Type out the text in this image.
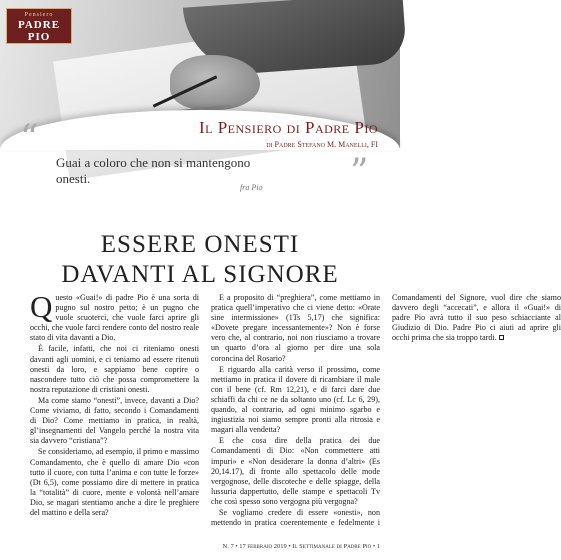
Pensiero
PADRE PIO
Il Pensiero di Padre Pio
di Padre Stefano M. Manelli, FI
“
Guai a coloro che non si mantengono onesti.
fra Pio ”
ESSERE ONESTI
DAVANTI AL SIGNORE

Questo «Guai!» di padre Pio è una sorta di pugno sul nostro petto; è un pugno che vuole scuoterci, che vuole farci aprire gli occhi, che vuole farci rendere conto del nostro reale stato di vita davanti a Dio.

È facile, infatti, che noi ci riteniamo onesti davanti agli uomini, e ci teniamo ad essere ritenuti onesti da loro, e sappiamo bene coprire o nascondere tutto ciò che possa compromettere la nostra reputazione di cristiani onesti.

Ma come siamo “onesti”, invece, davanti a Dio? Come viviamo, di fatto, secondo i Comandamenti di Dio? Come mettiamo in pratica, in realtà, gl’insegnamenti del Vangelo perché la nostra vita sia davvero “cristiana”?

Se consideriamo, ad esempio, il primo e massimo Comandamento, che è quello di amare Dio «con tutto il cuore, con tutta l’anima e con tutte le forze» (Dt 6,5), come possiamo dire di mettere in pratica la “totalità” di cuore, mente e volontà nell’amare Dio, se magari stentiamo anche a dire le preghiere del mattino e della sera?

E a proposito di “preghiera”, come mettiamo in pratica quell’imperativo che ci viene detto: «Orate sine intermissione» (1Ts 5,17) che significa: «Dovete pregare incessantemente»? Non è forse vero che, al contrario, noi non riusciamo a trovare un quarto d’ora al giorno per dire una sola coroncina del Rosario?

E riguardo alla carità verso il prossimo, come mettiamo in pratica il dovere di ricambiare il male con il bene (cf. Rm 12,21), e di farci dare due schiaffi da chi ce ne da soltanto uno (cf. Lc 6, 29), quando, al contrario, ad ogni minimo sgarbo e ingiustizia noi siamo sempre pronti alla ritrosia e magari alla vendetta?

E che cosa dire della pratica dei due Comandamenti di Dio: «Non commettere atti impuri» e «Non desiderare la donna d’altri» (Es 20,14.17), di fronte allo spettacolo delle mode vergognose, delle discoteche e delle spiagge, della lussuria dappertutto, delle stampe e spettacoli Tv che così spesso sono vergogna più vergogna?

Se vogliamo credere di essere «onesti», non mettendo in pratica coerentemente e fedelmente i Comandamenti del Signore, vuol dire che siamo davvero degli “accecati”, e allora il «Guai!» di padre Pio avrà tutto il suo peso schiacciante al Giudizio di Dio. Padre Pio ci aiuti ad aprire gli occhi prima che sia troppo tardi.

N. 7 • 17 febbraio 2019 • Il Settimanale di Padre Pio • 1
